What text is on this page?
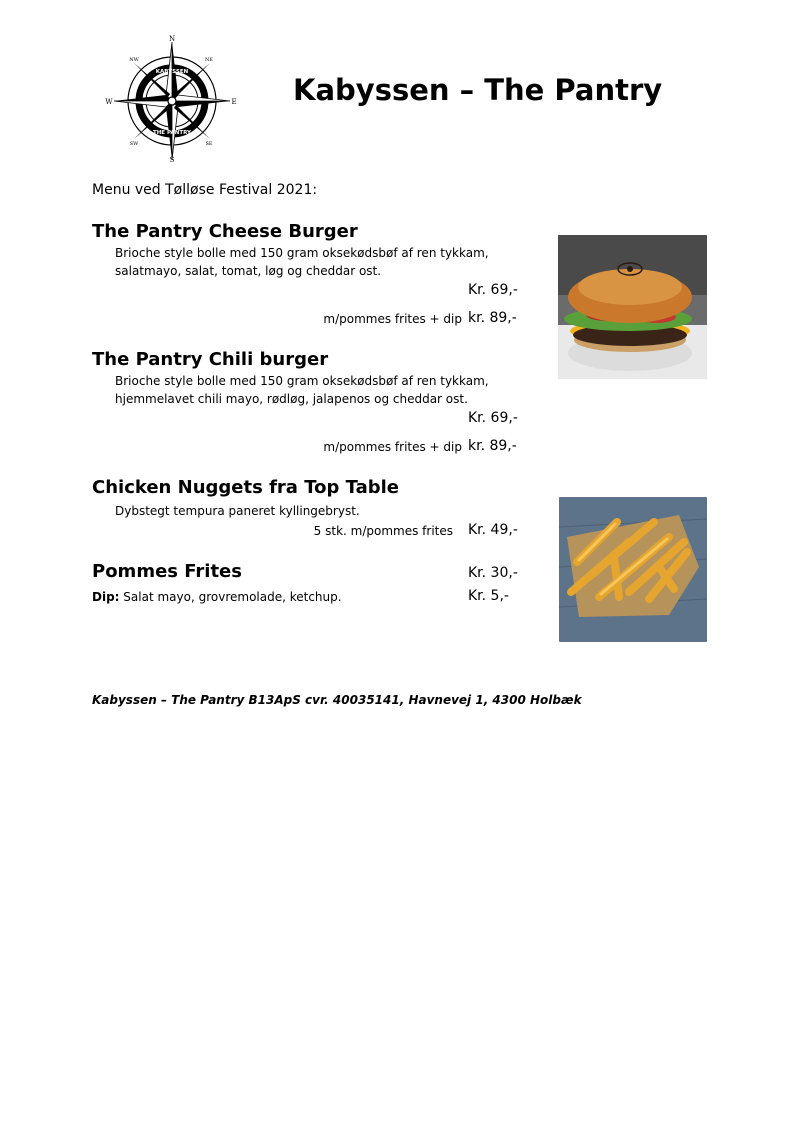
N
E
S
W
NE
NW
SE
SW
KABYSSEN
THE PANTRY
Kabyssen – The Pantry
Menu ved Tølløse Festival 2021:
The Pantry Cheese Burger
Brioche style bolle med 150 gram oksekødsbøf af ren tykkam,
salatmayo, salat, tomat, løg og cheddar ost.
Kr. 69,-
m/pommes frites + dip kr. 89,-
The Pantry Chili burger
Brioche style bolle med 150 gram oksekødsbøf af ren tykkam,
hjemmelavet chili mayo, rødløg, jalapenos og cheddar ost.
Kr. 69,-
m/pommes frites + dip kr. 89,-
Chicken Nuggets fra Top Table
Dybstegt tempura paneret kyllingebryst.
5 stk. m/pommes frites Kr. 49,-
Pommes Frites	Kr. 30,-
Dip: Salat mayo, grovremolade, ketchup.	Kr. 5,-
Kabyssen – The Pantry B13ApS cvr. 40035141, Havnevej 1, 4300 Holbæk
